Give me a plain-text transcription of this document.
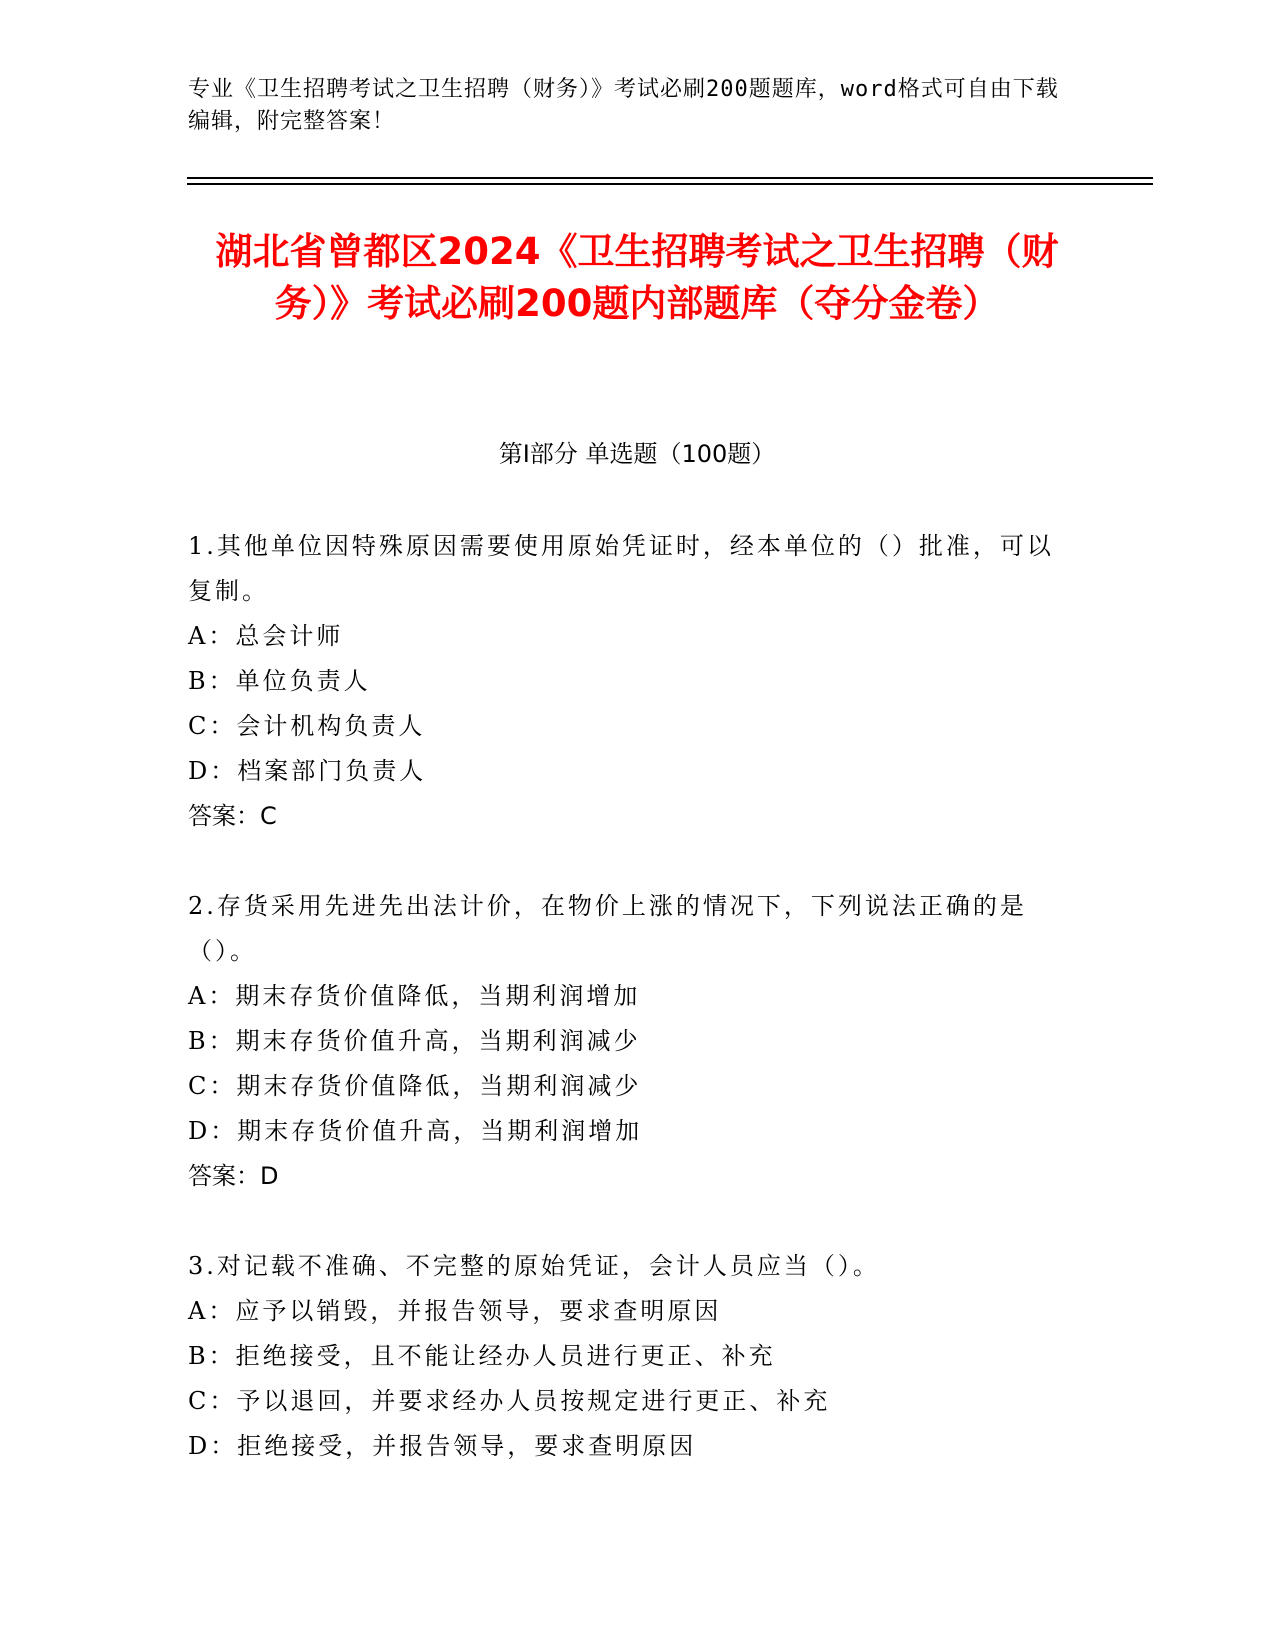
专业《卫生招聘考试之卫生招聘（财务）》考试必刷200题题库，word格式可自由下载编辑，附完整答案！
湖北省曾都区2024《卫生招聘考试之卫生招聘（财务）》考试必刷200题内部题库（夺分金卷）
第I部分 单选题（100题）

1.其他单位因特殊原因需要使用原始凭证时，经本单位的（）批准，可以复制。

A：总会计师

B：单位负责人

C：会计机构负责人

D：档案部门负责人

答案：C

2.存货采用先进先出法计价，在物价上涨的情况下，下列说法正确的是（）。

A：期末存货价值降低，当期利润增加

B：期末存货价值升高，当期利润减少

C：期末存货价值降低，当期利润减少

D：期末存货价值升高，当期利润增加

答案：D

3.对记载不准确、不完整的原始凭证，会计人员应当（）。

A：应予以销毁，并报告领导，要求查明原因

B：拒绝接受，且不能让经办人员进行更正、补充

C：予以退回，并要求经办人员按规定进行更正、补充

D：拒绝接受，并报告领导，要求查明原因
